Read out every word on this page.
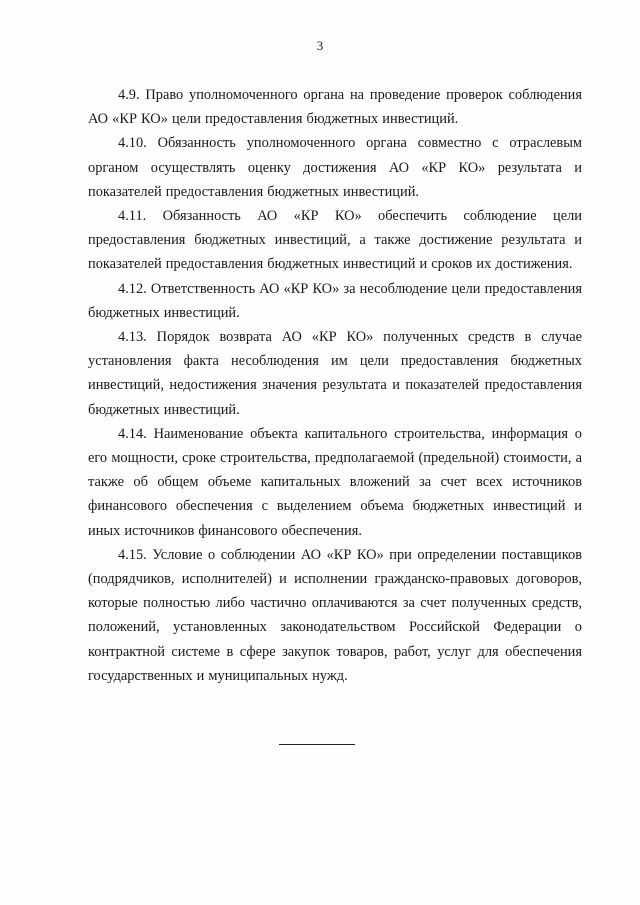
3

4.9. Право уполномоченного органа на проведение проверок соблюдения АО «КР КО» цели предоставления бюджетных инвестиций.

4.10. Обязанность уполномоченного органа совместно с отраслевым органом осуществлять оценку достижения АО «КР КО» результата и показателей предоставления бюджетных инвестиций.

4.11. Обязанность АО «КР КО» обеспечить соблюдение цели предоставления бюджетных инвестиций, а также достижение результата и показателей предоставления бюджетных инвестиций и сроков их достижения.

4.12. Ответственность АО «КР КО» за несоблюдение цели предоставления бюджетных инвестиций.

4.13. Порядок возврата АО «КР КО» полученных средств в случае установления факта несоблюдения им цели предоставления бюджетных инвестиций, недостижения значения результата и показателей предоставления бюджетных инвестиций.

4.14. Наименование объекта капитального строительства, информация о его мощности, сроке строительства, предполагаемой (предельной) стоимости, а также об общем объеме капитальных вложений за счет всех источников финансового обеспечения с выделением объема бюджетных инвестиций и иных источников финансового обеспечения.

4.15. Условие о соблюдении АО «КР КО» при определении поставщиков (подрядчиков, исполнителей) и исполнении гражданско-правовых договоров, которые полностью либо частично оплачиваются за счет полученных средств, положений, установленных законодательством Российской Федерации о контрактной системе в сфере закупок товаров, работ, услуг для обеспечения государственных и муниципальных нужд.
